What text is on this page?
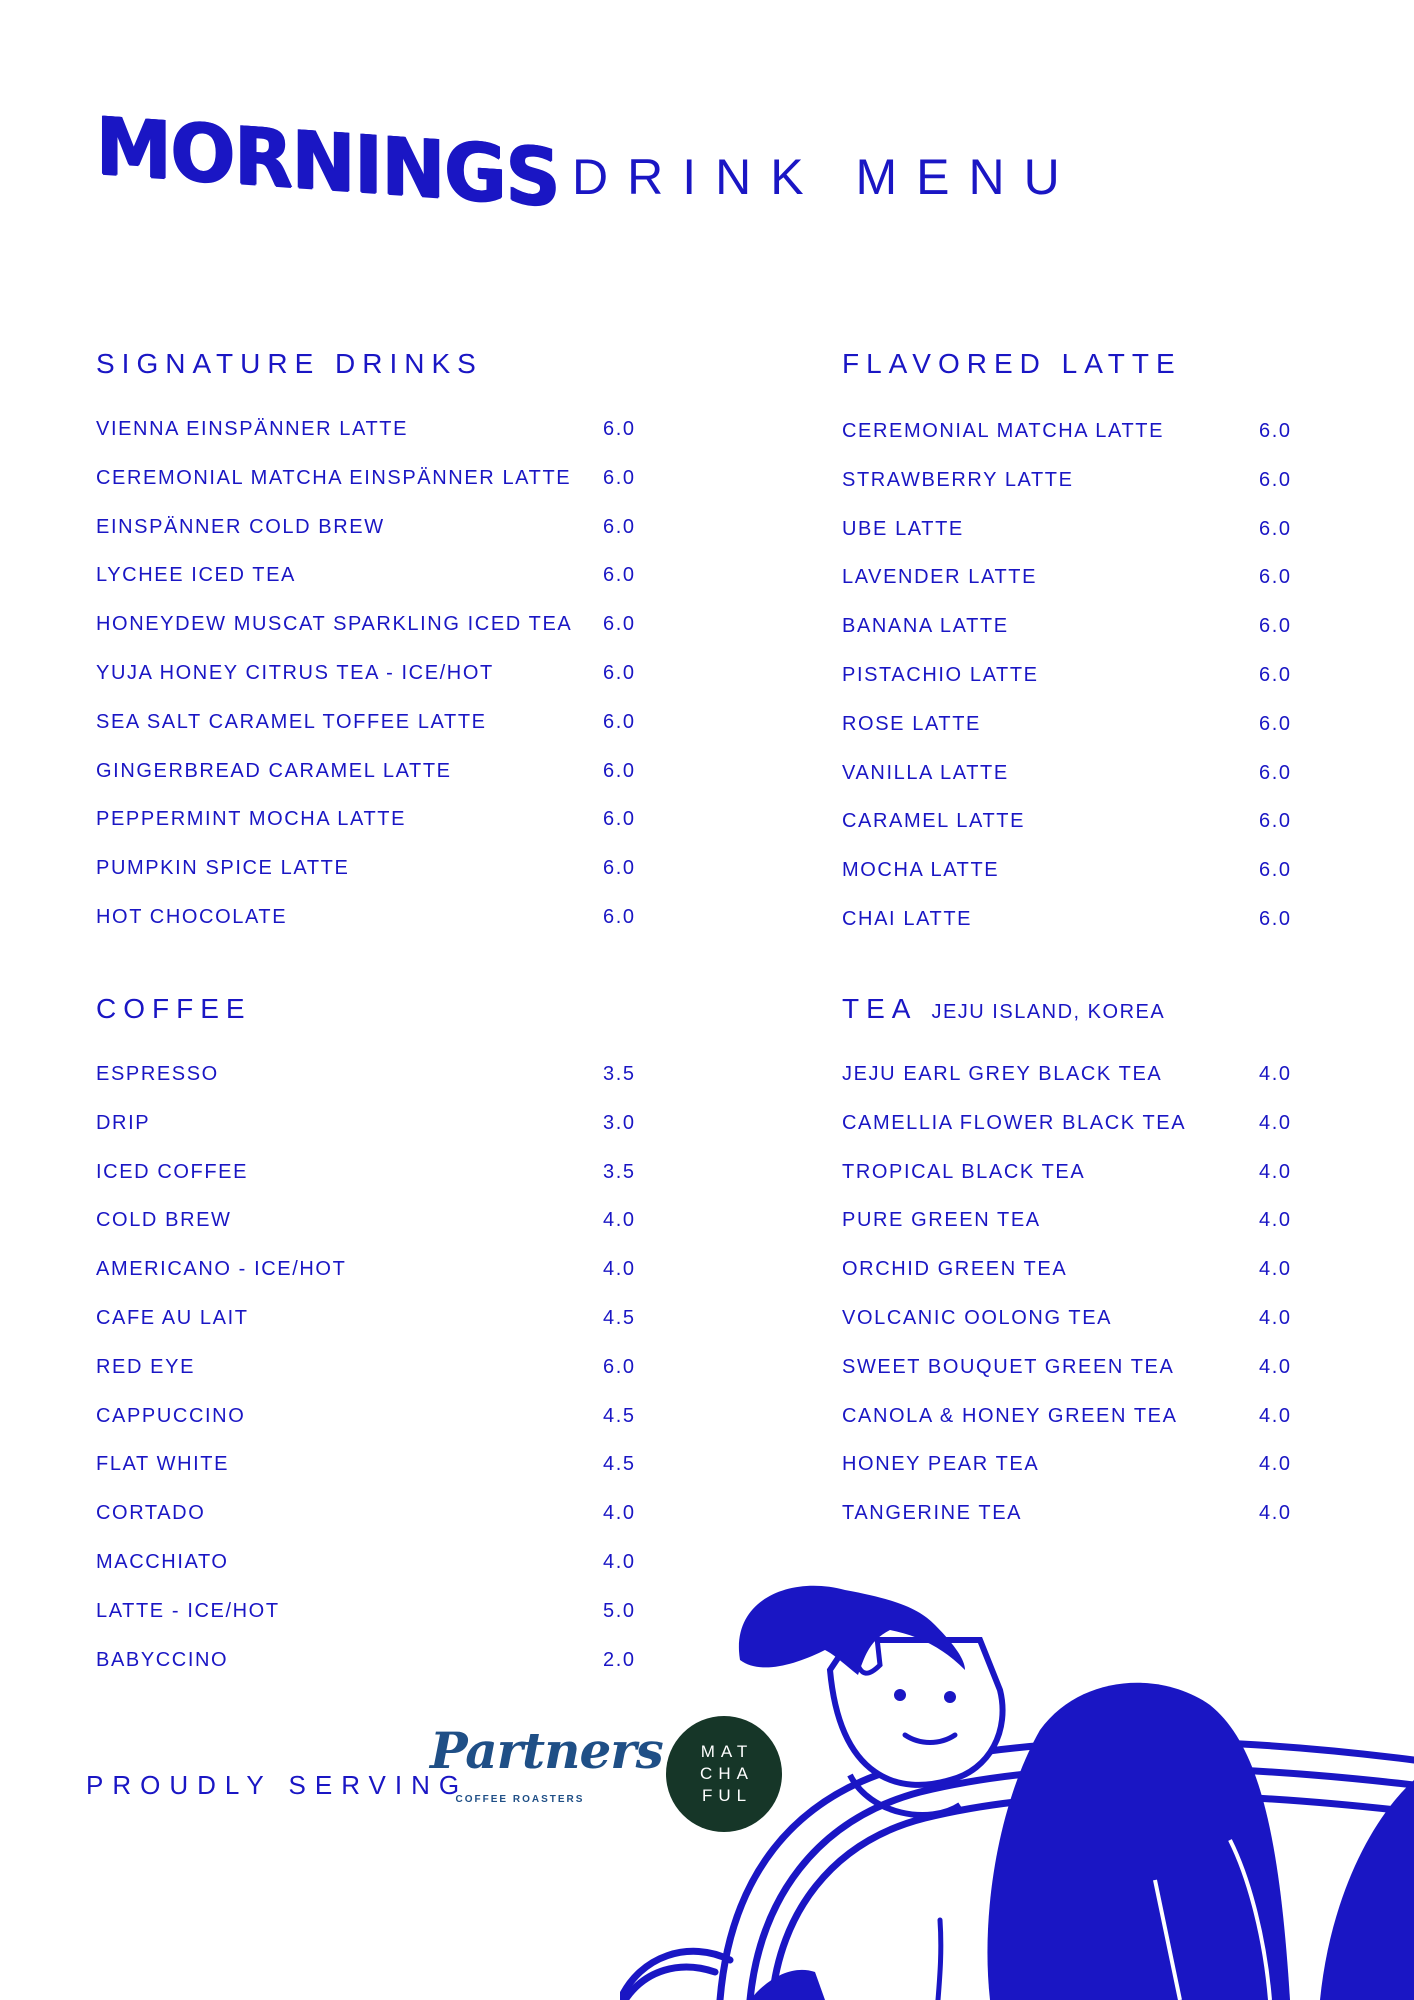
MORNINGS DRINK MENU
SIGNATURE DRINKS
VIENNA EINSPÄNNER LATTE	6.0
CEREMONIAL MATCHA EINSPÄNNER LATTE 6.0
EINSPÄNNER COLD BREW	6.0
LYCHEE ICED TEA	6.0
HONEYDEW MUSCAT SPARKLING ICED TEA 6.0
YUJA HONEY CITRUS TEA - ICE/HOT	6.0
SEA SALT CARAMEL TOFFEE LATTE	6.0
GINGERBREAD CARAMEL LATTE	6.0
PEPPERMINT MOCHA LATTE	6.0
PUMPKIN SPICE LATTE	6.0
HOT CHOCOLATE	6.0
FLAVORED LATTE
CEREMONIAL MATCHA LATTE	6.0
STRAWBERRY LATTE	6.0
UBE LATTE	6.0
LAVENDER LATTE	6.0
BANANA LATTE	6.0
PISTACHIO LATTE	6.0
ROSE LATTE	6.0
VANILLA LATTE	6.0
CARAMEL LATTE	6.0
MOCHA LATTE	6.0
CHAI LATTE	6.0
COFFEE
ESPRESSO	3.5
DRIP	3.0
ICED COFFEE	3.5
COLD BREW	4.0
AMERICANO - ICE/HOT	4.0
CAFE AU LAIT	4.5
RED EYE	6.0
CAPPUCCINO	4.5
FLAT WHITE	4.5
CORTADO	4.0
MACCHIATO	4.0
LATTE - ICE/HOT	5.0
BABYCCINO	2.0
TEA JEJU ISLAND, KOREA
JEJU EARL GREY BLACK TEA	4.0
CAMELLIA FLOWER BLACK TEA	4.0
TROPICAL BLACK TEA	4.0
PURE GREEN TEA	4.0
ORCHID GREEN TEA	4.0
VOLCANIC OOLONG TEA	4.0
SWEET BOUQUET GREEN TEA	4.0
CANOLA & HONEY GREEN TEA	4.0
HONEY PEAR TEA	4.0
TANGERINE TEA	4.0
PROUDLY SERVING
Partners
COFFEE ROASTERS
MAT
CHA
FUL
